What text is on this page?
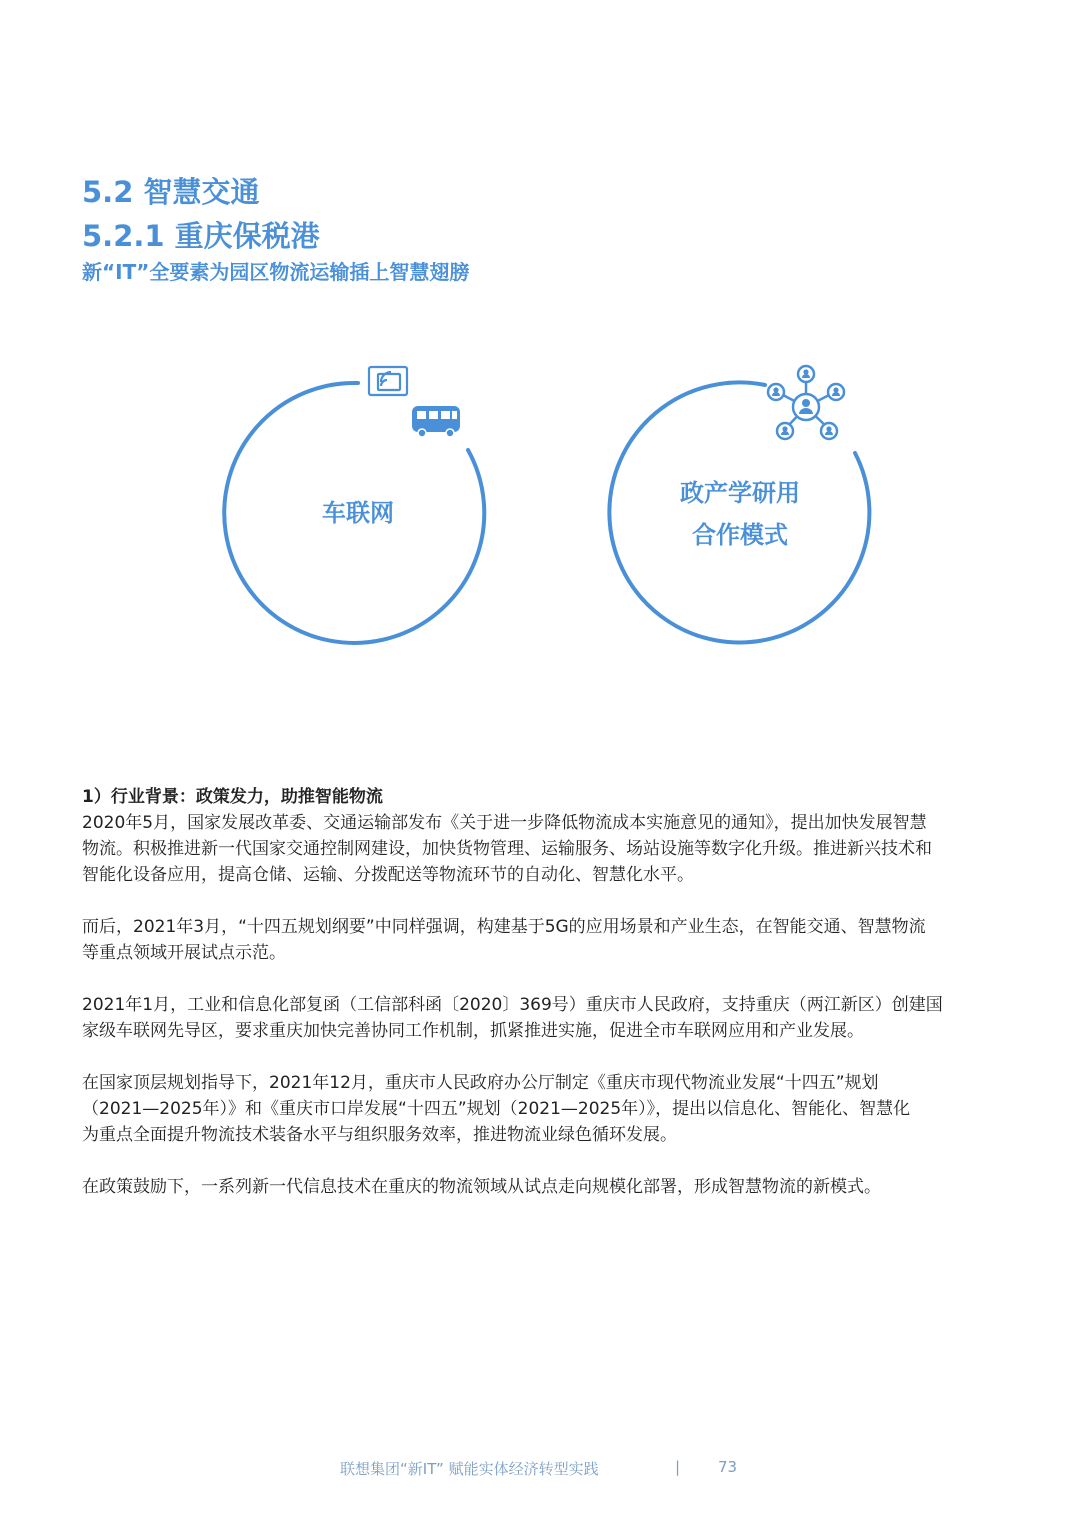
5.2 智慧交通
5.2.1 重庆保税港
新“IT”全要素为园区物流运输插上智慧翅膀
车联网
政产学研用
合作模式

1）行业背景：政策发力，助推智能物流

2020年5月，国家发展改革委、交通运输部发布《关于进一步降低物流成本实施意见的通知》，提出加快发展智慧

物流。积极推进新一代国家交通控制网建设，加快货物管理、运输服务、场站设施等数字化升级。推进新兴技术和

智能化设备应用，提高仓储、运输、分拨配送等物流环节的自动化、智慧化水平。

而后，2021年3月，“十四五规划纲要”中同样强调，构建基于5G的应用场景和产业生态，在智能交通、智慧物流

等重点领域开展试点示范。

2021年1月，工业和信息化部复函（工信部科函〔2020〕369号）重庆市人民政府，支持重庆（两江新区）创建国

家级车联网先导区，要求重庆加快完善协同工作机制，抓紧推进实施，促进全市车联网应用和产业发展。

在国家顶层规划指导下，2021年12月，重庆市人民政府办公厅制定《重庆市现代物流业发展“十四五”规划

（2021—2025年）》和《重庆市口岸发展“十四五”规划（2021—2025年）》，提出以信息化、智能化、智慧化

为重点全面提升物流技术装备水平与组织服务效率，推进物流业绿色循环发展。

在政策鼓励下，一系列新一代信息技术在重庆的物流领域从试点走向规模化部署，形成智慧物流的新模式。

联想集团“新IT” 赋能实体经济转型实践	|	73
